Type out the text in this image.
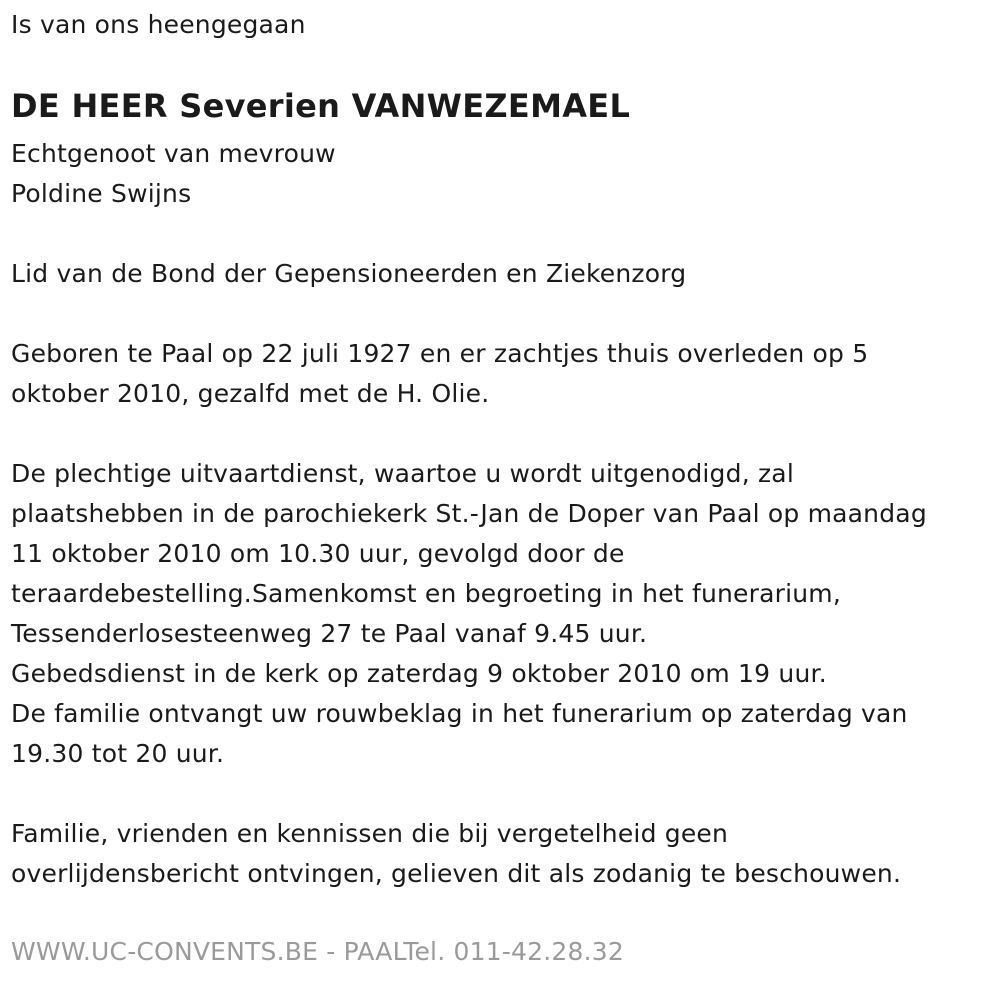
Is van ons heengegaan
DE HEER Severien VANWEZEMAEL
Echtgenoot van mevrouw
Poldine Swijns
Lid van de Bond der Gepensioneerden en Ziekenzorg
Geboren te Paal op 22 juli 1927 en er zachtjes thuis overleden op 5
oktober 2010, gezalfd met de H. Olie.
De plechtige uitvaartdienst, waartoe u wordt uitgenodigd, zal
plaatshebben in de parochiekerk St.-Jan de Doper van Paal op maandag
11 oktober 2010 om 10.30 uur, gevolgd door de
teraardebestelling.Samenkomst en begroeting in het funerarium,
Tessenderlosesteenweg 27 te Paal vanaf 9.45 uur.
Gebedsdienst in de kerk op zaterdag 9 oktober 2010 om 19 uur.
De familie ontvangt uw rouwbeklag in het funerarium op zaterdag van
19.30 tot 20 uur.
Familie, vrienden en kennissen die bij vergetelheid geen
overlijdensbericht ontvingen, gelieven dit als zodanig te beschouwen.
WWW.UC-CONVENTS.BE - PAALTel. 011-42.28.32
